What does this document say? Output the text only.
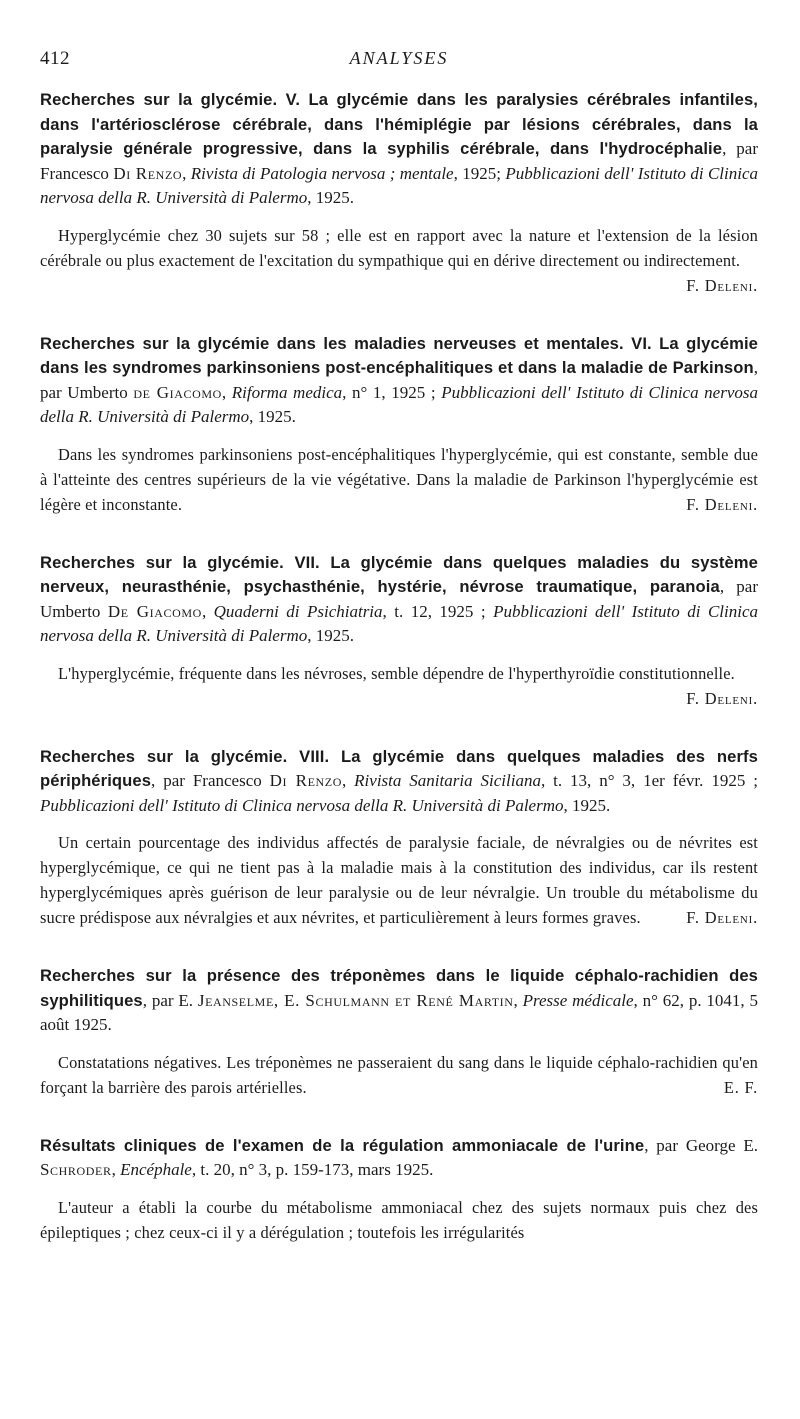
412	ANALYSES

Recherches sur la glycémie. V. La glycémie dans les paralysies cérébrales infantiles, dans l'artériosclérose cérébrale, dans l'hémiplégie par lésions cérébrales, dans la paralysie générale progressive, dans la syphilis cérébrale, dans l'hydrocéphalie, par Francesco Di Renzo, Rivista di Patologia nervosa ; mentale, 1925; Pubblicazioni dell' Istituto di Clinica nervosa della R. Università di Palermo, 1925.

Hyperglycémie chez 30 sujets sur 58 ; elle est en rapport avec la nature et l'extension de la lésion cérébrale ou plus exactement de l'excitation du sympathique qui en dérive directement ou indirectement.
F. Deleni.

Recherches sur la glycémie dans les maladies nerveuses et mentales. VI. La glycémie dans les syndromes parkinsoniens post-encéphalitiques et dans la maladie de Parkinson, par Umberto de Giacomo, Riforma medica, n° 1, 1925 ; Pubblicazioni dell' Istituto di Clinica nervosa della R. Università di Palermo, 1925.

Dans les syndromes parkinsoniens post-encéphalitiques l'hyperglycémie, qui est constante, semble due à l'atteinte des centres supérieurs de la vie végétative. Dans la maladie de Parkinson l'hyperglycémie est légère et inconstante.	F. Deleni.

Recherches sur la glycémie. VII. La glycémie dans quelques maladies du système nerveux, neurasthénie, psychasthénie, hystérie, névrose traumatique, paranoia, par Umberto De Giacomo, Quaderni di Psichiatria, t. 12, 1925 ; Pubblicazioni dell' Istituto di Clinica nervosa della R. Università di Palermo, 1925.

L'hyperglycémie, fréquente dans les névroses, semble dépendre de l'hyperthyroïdie constitutionnelle.
F. Deleni.

Recherches sur la glycémie. VIII. La glycémie dans quelques maladies des nerfs périphériques, par Francesco Di Renzo, Rivista Sanitaria Siciliana, t. 13, n° 3, 1er févr. 1925 ; Pubblicazioni dell' Istituto di Clinica nervosa della R. Università di Palermo, 1925.

Un certain pourcentage des individus affectés de paralysie faciale, de névralgies ou de névrites est hyperglycémique, ce qui ne tient pas à la maladie mais à la constitution des individus, car ils restent hyperglycémiques après guérison de leur paralysie ou de leur névralgie. Un trouble du métabolisme du sucre prédispose aux névralgies et aux névrites, et particulièrement à leurs formes graves.	F. Deleni.

Recherches sur la présence des tréponèmes dans le liquide céphalo-rachidien des syphilitiques, par E. Jeanselme, E. Schulmann et René Martin, Presse médicale, n° 62, p. 1041, 5 août 1925.

Constatations négatives. Les tréponèmes ne passeraient du sang dans le liquide céphalo-rachidien qu'en forçant la barrière des parois artérielles.	E. F.

Résultats cliniques de l'examen de la régulation ammoniacale de l'urine, par George E. Schroder, Encéphale, t. 20, n° 3, p. 159-173, mars 1925.

L'auteur a établi la courbe du métabolisme ammoniacal chez des sujets normaux puis chez des épileptiques ; chez ceux-ci il y a dérégulation ; toutefois les irrégularités
